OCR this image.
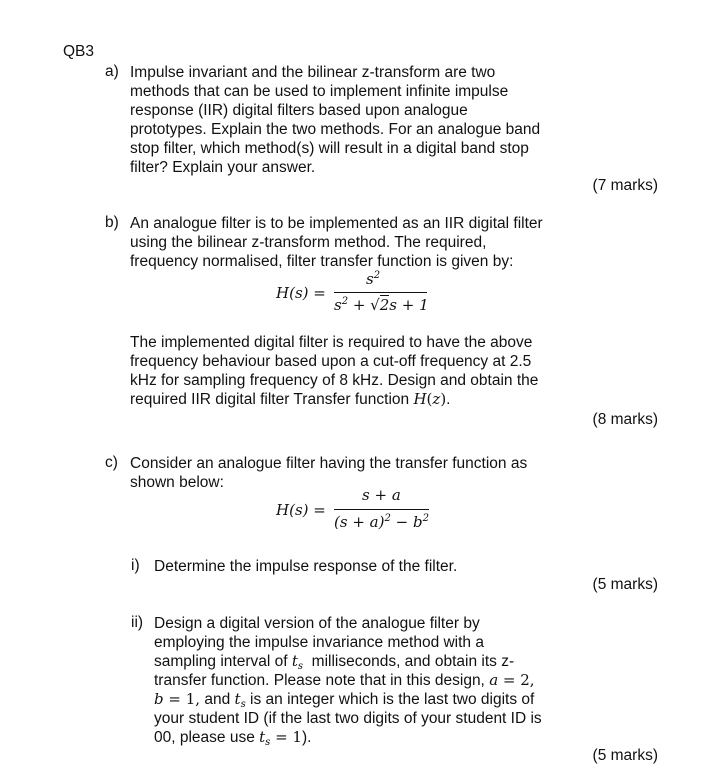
QB3
a) Impulse invariant and the bilinear z-transform are two
methods that can be used to implement infinite impulse
response (IIR) digital filters based upon analogue
prototypes. Explain the two methods. For an analogue band
stop filter, which method(s) will result in a digital band stop
filter? Explain your answer.
(7 marks)
b) An analogue filter is to be implemented as an IIR digital filter
using the bilinear z-transform method. The required,
frequency normalised, filter transfer function is given by:
H(s) =
$s^2$
$s^2 + √2s + 1$
The implemented digital filter is required to have the above
frequency behaviour based upon a cut-off frequency at 2.5
kHz for sampling frequency of 8 kHz. Design and obtain the
required IIR digital filter Transfer function H(z).
(8 marks)
c) Consider an analogue filter having the transfer function as
shown below:
H(s) =
s + a
$(s + a)^2 - b^2$
i) Determine the impulse response of the filter.
(5 marks)
ii) Design a digital version of the analogue filter by
employing the impulse invariance method with a
sampling interval of $t_s$ milliseconds, and obtain its z-
transfer function. Please note that in this design, a = 2,
b = 1, and $t_s$ is an integer which is the last two digits of
your student ID (if the last two digits of your student ID is
00, please use $t_s = 1$).
(5 marks)
